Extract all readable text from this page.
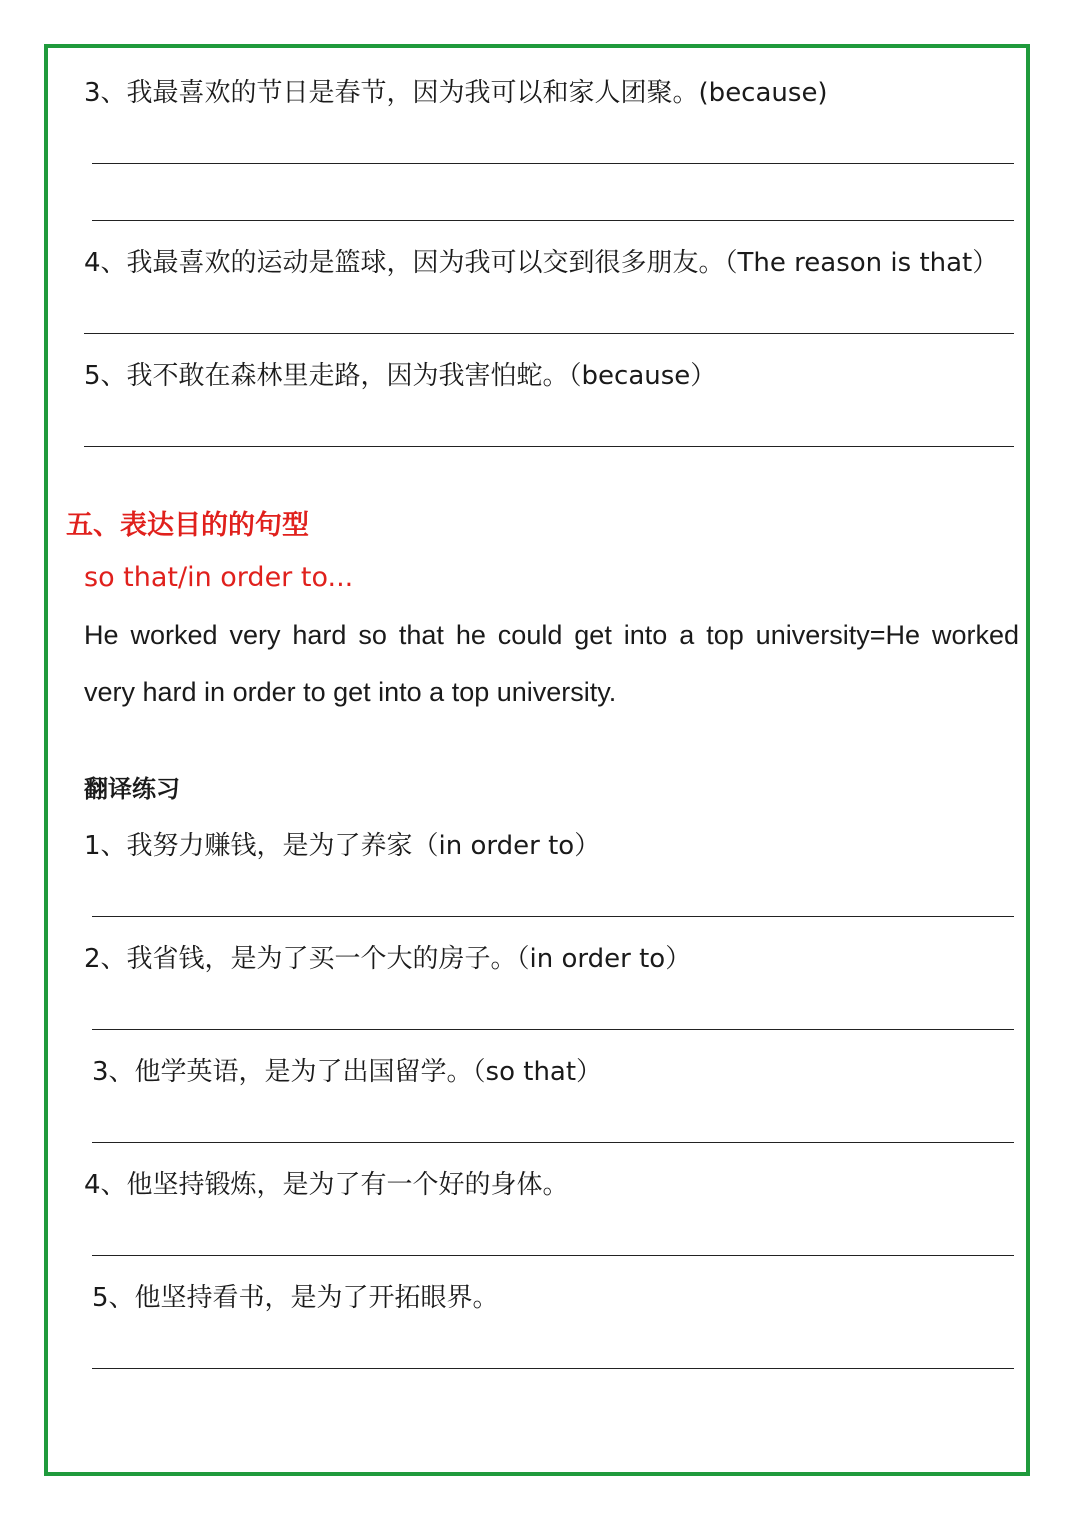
3、我最喜欢的节日是春节，因为我可以和家人团聚。(because)
4、我最喜欢的运动是篮球，因为我可以交到很多朋友。（The reason is that）
5、我不敢在森林里走路，因为我害怕蛇。（because）
五、表达目的的句型
so that/in order to...
He worked very hard so that he could get into a top university=He worked very hard in order to get into a top university.
翻译练习
1、我努力赚钱，是为了养家（in order to）
2、我省钱，是为了买一个大的房子。（in order to）
3、他学英语，是为了出国留学。（so that）
4、他坚持锻炼，是为了有一个好的身体。
5、他坚持看书，是为了开拓眼界。
